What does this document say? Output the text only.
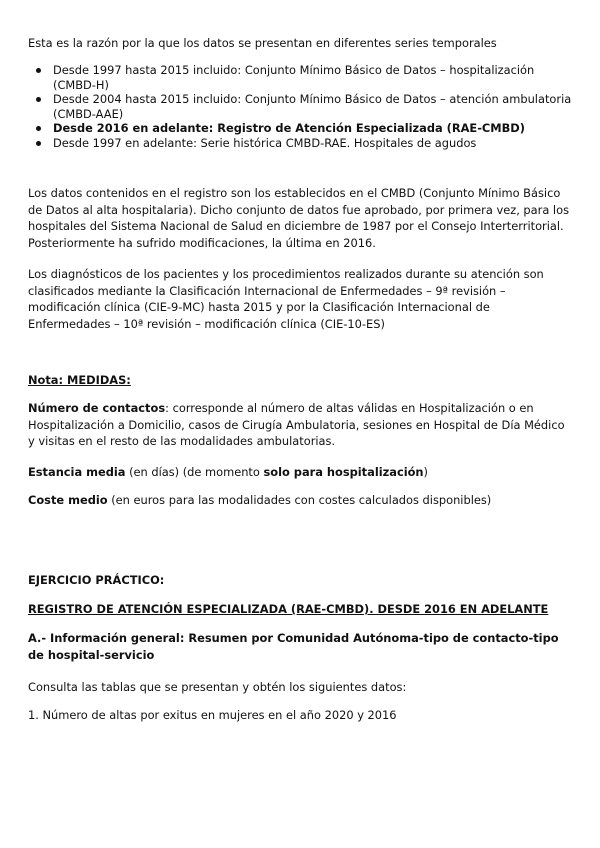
Esta es la razón por la que los datos se presentan en diferentes series temporales

Desde 1997 hasta 2015 incluido: Conjunto Mínimo Básico de Datos – hospitalización (CMBD-H)
Desde 2004 hasta 2015 incluido: Conjunto Mínimo Básico de Datos – atención ambulatoria (CMBD-AAE)
Desde 2016 en adelante: Registro de Atención Especializada (RAE-CMBD)
Desde 1997 en adelante: Serie histórica CMBD-RAE. Hospitales de agudos

Los datos contenidos en el registro son los establecidos en el CMBD (Conjunto Mínimo Básico de Datos al alta hospitalaria). Dicho conjunto de datos fue aprobado, por primera vez, para los hospitales del Sistema Nacional de Salud en diciembre de 1987 por el Consejo Interterritorial. Posteriormente ha sufrido modificaciones, la última en 2016.

Los diagnósticos de los pacientes y los procedimientos realizados durante su atención son clasificados mediante la Clasificación Internacional de Enfermedades – 9ª revisión – modificación clínica (CIE-9-MC) hasta 2015 y por la Clasificación Internacional de Enfermedades – 10ª revisión – modificación clínica (CIE-10-ES)

Nota: MEDIDAS:

Número de contactos: corresponde al número de altas válidas en Hospitalización o en Hospitalización a Domicilio, casos de Cirugía Ambulatoria, sesiones en Hospital de Día Médico y visitas en el resto de las modalidades ambulatorias.

Estancia media (en días) (de momento solo para hospitalización)

Coste medio (en euros para las modalidades con costes calculados disponibles)

EJERCICIO PRÁCTICO:

REGISTRO DE ATENCIÓN ESPECIALIZADA (RAE-CMBD). DESDE 2016 EN ADELANTE

A.- Información general: Resumen por Comunidad Autónoma-tipo de contacto-tipo de hospital-servicio

Consulta las tablas que se presentan y obtén los siguientes datos:

1. Número de altas por exitus en mujeres en el año 2020 y 2016
